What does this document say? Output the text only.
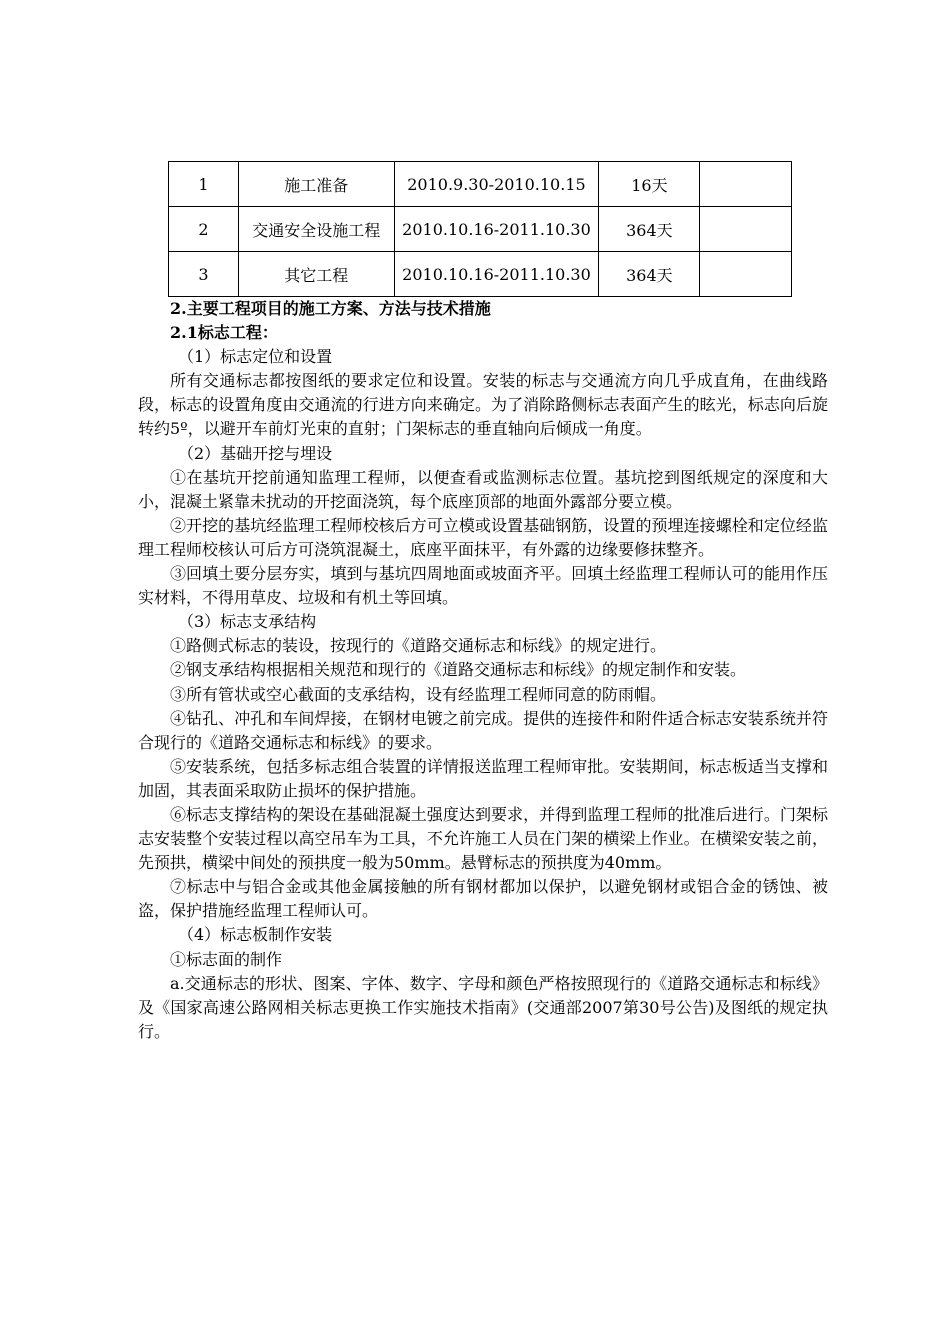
1	施工准备	2010.9.30-2010.10.15	16天	
2	交通安全设施工程	2010.10.16-2011.10.30	364天	
3	其它工程	2010.10.16-2011.10.30	364天	

2.主要工程项目的施工方案、方法与技术措施

2.1标志工程：

（1）标志定位和设置

所有交通标志都按图纸的要求定位和设置。安装的标志与交通流方向几乎成直角，在曲线路段，标志的设置角度由交通流的行进方向来确定。为了消除路侧标志表面产生的眩光，标志向后旋转约5º，以避开车前灯光束的直射；门架标志的垂直轴向后倾成一角度。

（2）基础开挖与埋设

①在基坑开挖前通知监理工程师，以便查看或监测标志位置。基坑挖到图纸规定的深度和大小，混凝土紧靠未扰动的开挖面浇筑，每个底座顶部的地面外露部分要立模。

②开挖的基坑经监理工程师校核后方可立模或设置基础钢筋，设置的预埋连接螺栓和定位经监理工程师校核认可后方可浇筑混凝土，底座平面抹平，有外露的边缘要修抹整齐。

③回填土要分层夯实，填到与基坑四周地面或坡面齐平。回填土经监理工程师认可的能用作压实材料，不得用草皮、垃圾和有机土等回填。

（3）标志支承结构

①路侧式标志的装设，按现行的《道路交通标志和标线》的规定进行。

②钢支承结构根据相关规范和现行的《道路交通标志和标线》的规定制作和安装。

③所有管状或空心截面的支承结构，设有经监理工程师同意的防雨帽。

④钻孔、冲孔和车间焊接，在钢材电镀之前完成。提供的连接件和附件适合标志安装系统并符合现行的《道路交通标志和标线》的要求。

⑤安装系统，包括多标志组合装置的详情报送监理工程师审批。安装期间，标志板适当支撑和加固，其表面采取防止损坏的保护措施。

⑥标志支撑结构的架设在基础混凝土强度达到要求，并得到监理工程师的批准后进行。门架标志安装整个安装过程以高空吊车为工具，不允许施工人员在门架的横梁上作业。在横梁安装之前，先预拱，横梁中间处的预拱度一般为50mm。悬臂标志的预拱度为40mm。

⑦标志中与铝合金或其他金属接触的所有钢材都加以保护，以避免钢材或铝合金的锈蚀、被盗，保护措施经监理工程师认可。

（4）标志板制作安装

①标志面的制作

a.交通标志的形状、图案、字体、数字、字母和颜色严格按照现行的《道路交通标志和标线》及《国家高速公路网相关标志更换工作实施技术指南》(交通部2007第30号公告)及图纸的规定执行。
